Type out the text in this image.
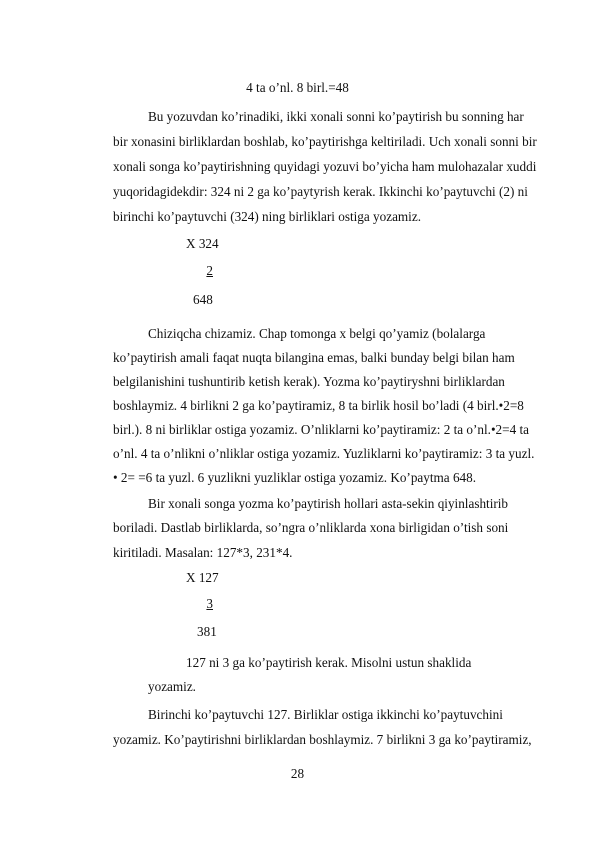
4 ta o’nl. 8 birl.=48
Bu yozuvdan ko’rinadiki, ikki xonali sonni ko’paytirish bu sonning har
bir xonasini birliklardan boshlab, ko’paytirishga keltiriladi. Uch xonali sonni bir
xonali songa ko’paytirishning quyidagi yozuvi bo’yicha ham mulohazalar xuddi
yuqoridagidekdir: 324 ni 2 ga ko’paytyrish kerak. Ikkinchi ko’paytuvchi (2) ni
birinchi ko’paytuvchi (324) ning birliklari ostiga yozamiz.
X 324
2
648
Chiziqcha chizamiz. Chap tomonga x belgi qo’yamiz (bolalarga
ko’paytirish amali faqat nuqta bilangina emas, balki bunday belgi bilan ham
belgilanishini tushuntirib ketish kerak). Yozma ko’paytiryshni birliklardan
boshlaymiz. 4 birlikni 2 ga ko’paytiramiz, 8 ta birlik hosil bo’ladi (4 birl.•2=8
birl.). 8 ni birliklar ostiga yozamiz. O’nliklarni ko’paytiramiz: 2 ta o’nl.•2=4 ta
o’nl. 4 ta o’nlikni o’nliklar ostiga yozamiz. Yuzliklarni ko’paytiramiz: 3 ta yuzl.
• 2= =6 ta yuzl. 6 yuzlikni yuzliklar ostiga yozamiz. Ko’paytma 648.
Bir xonali songa yozma ko’paytirish hollari asta-sekin qiyinlashtirib
boriladi. Dastlab birliklarda, so’ngra o’nliklarda xona birligidan o’tish soni
kiritiladi. Masalan: 127*3, 231*4.
X 127
3
381
127 ni 3 ga ko’paytirish kerak. Misolni ustun shaklida
yozamiz.
Birinchi ko’paytuvchi 127. Birliklar ostiga ikkinchi ko’paytuvchini
yozamiz. Ko’paytirishni birliklardan boshlaymiz. 7 birlikni 3 ga ko’paytiramiz,
28
